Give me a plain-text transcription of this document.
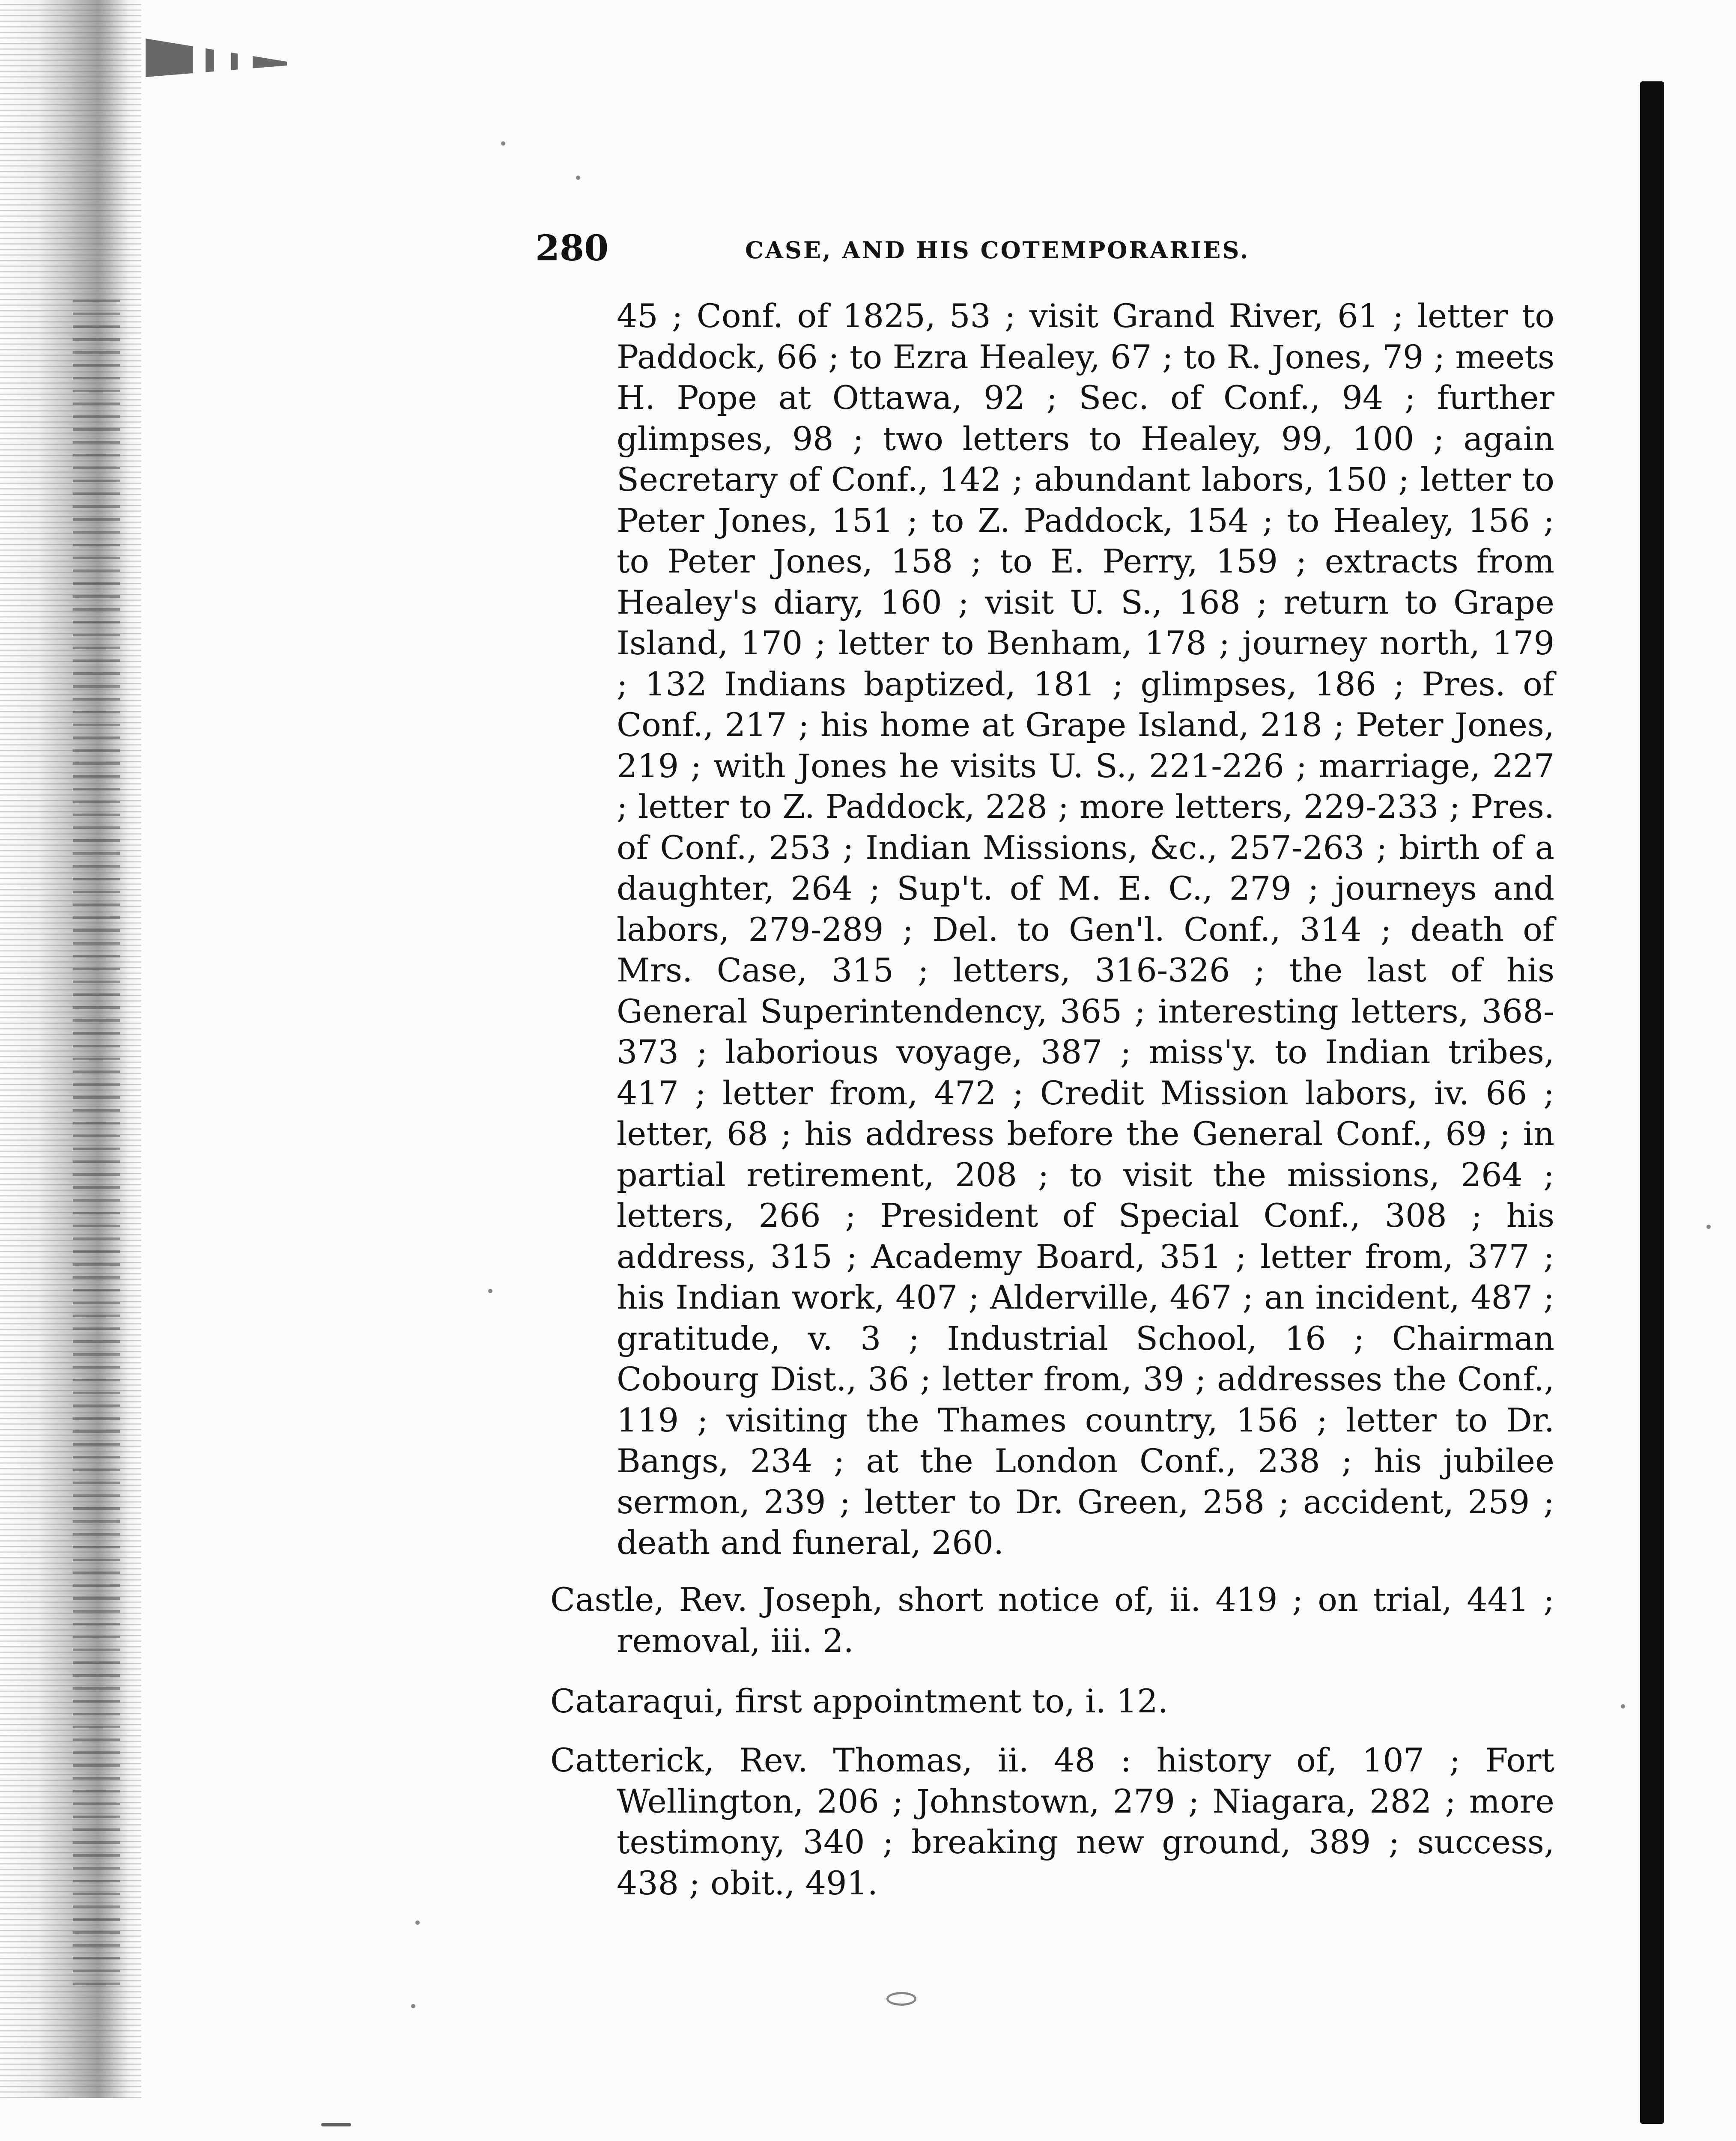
280	CASE, AND HIS COTEMPORARIES.
45 ; Conf. of 1825, 53 ; visit Grand River, 61 ; letter to Paddock, 66 ; to Ezra Healey, 67 ; to R. Jones, 79 ; meets H. Pope at Ottawa, 92 ; Sec. of Conf., 94 ; further glimpses, 98 ; two letters to Healey, 99, 100 ; again Secretary of Conf., 142 ; abundant labors, 150 ; letter to Peter Jones, 151 ; to Z. Paddock, 154 ; to Healey, 156 ; to Peter Jones, 158 ; to E. Perry, 159 ; extracts from Healey's diary, 160 ; visit U. S., 168 ; return to Grape Island, 170 ; letter to Benham, 178 ; journey north, 179 ; 132 Indians baptized, 181 ; glimpses, 186 ; Pres. of Conf., 217 ; his home at Grape Island, 218 ; Peter Jones, 219 ; with Jones he visits U. S., 221-226 ; marriage, 227 ; letter to Z. Paddock, 228 ; more letters, 229-233 ; Pres. of Conf., 253 ; Indian Missions, &c., 257-263 ; birth of a daughter, 264 ; Sup't. of M. E. C., 279 ; journeys and labors, 279-289 ; Del. to Gen'l. Conf., 314 ; death of Mrs. Case, 315 ; letters, 316-326 ; the last of his General Superintendency, 365 ; interesting letters, 368-373 ; laborious voyage, 387 ; miss'y. to Indian tribes, 417 ; letter from, 472 ; Credit Mission labors, iv. 66 ; letter, 68 ; his address before the General Conf., 69 ; in partial retirement, 208 ; to visit the missions, 264 ; letters, 266 ; President of Special Conf., 308 ; his address, 315 ; Academy Board, 351 ; letter from, 377 ; his Indian work, 407 ; Alderville, 467 ; an incident, 487 ; gratitude, v. 3 ; Industrial School, 16 ; Chairman Cobourg Dist., 36 ; letter from, 39 ; addresses the Conf., 119 ; visiting the Thames country, 156 ; letter to Dr. Bangs, 234 ; at the London Conf., 238 ; his jubilee sermon, 239 ; letter to Dr. Green, 258 ; accident, 259 ; death and funeral, 260.
Castle, Rev. Joseph, short notice of, ii. 419 ; on trial, 441 ; removal, iii. 2.
Cataraqui, first appointment to, i. 12.
Catterick, Rev. Thomas, ii. 48 : history of, 107 ; Fort Wellington, 206 ; Johnstown, 279 ; Niagara, 282 ; more testimony, 340 ; breaking new ground, 389 ; success, 438 ; obit., 491.
